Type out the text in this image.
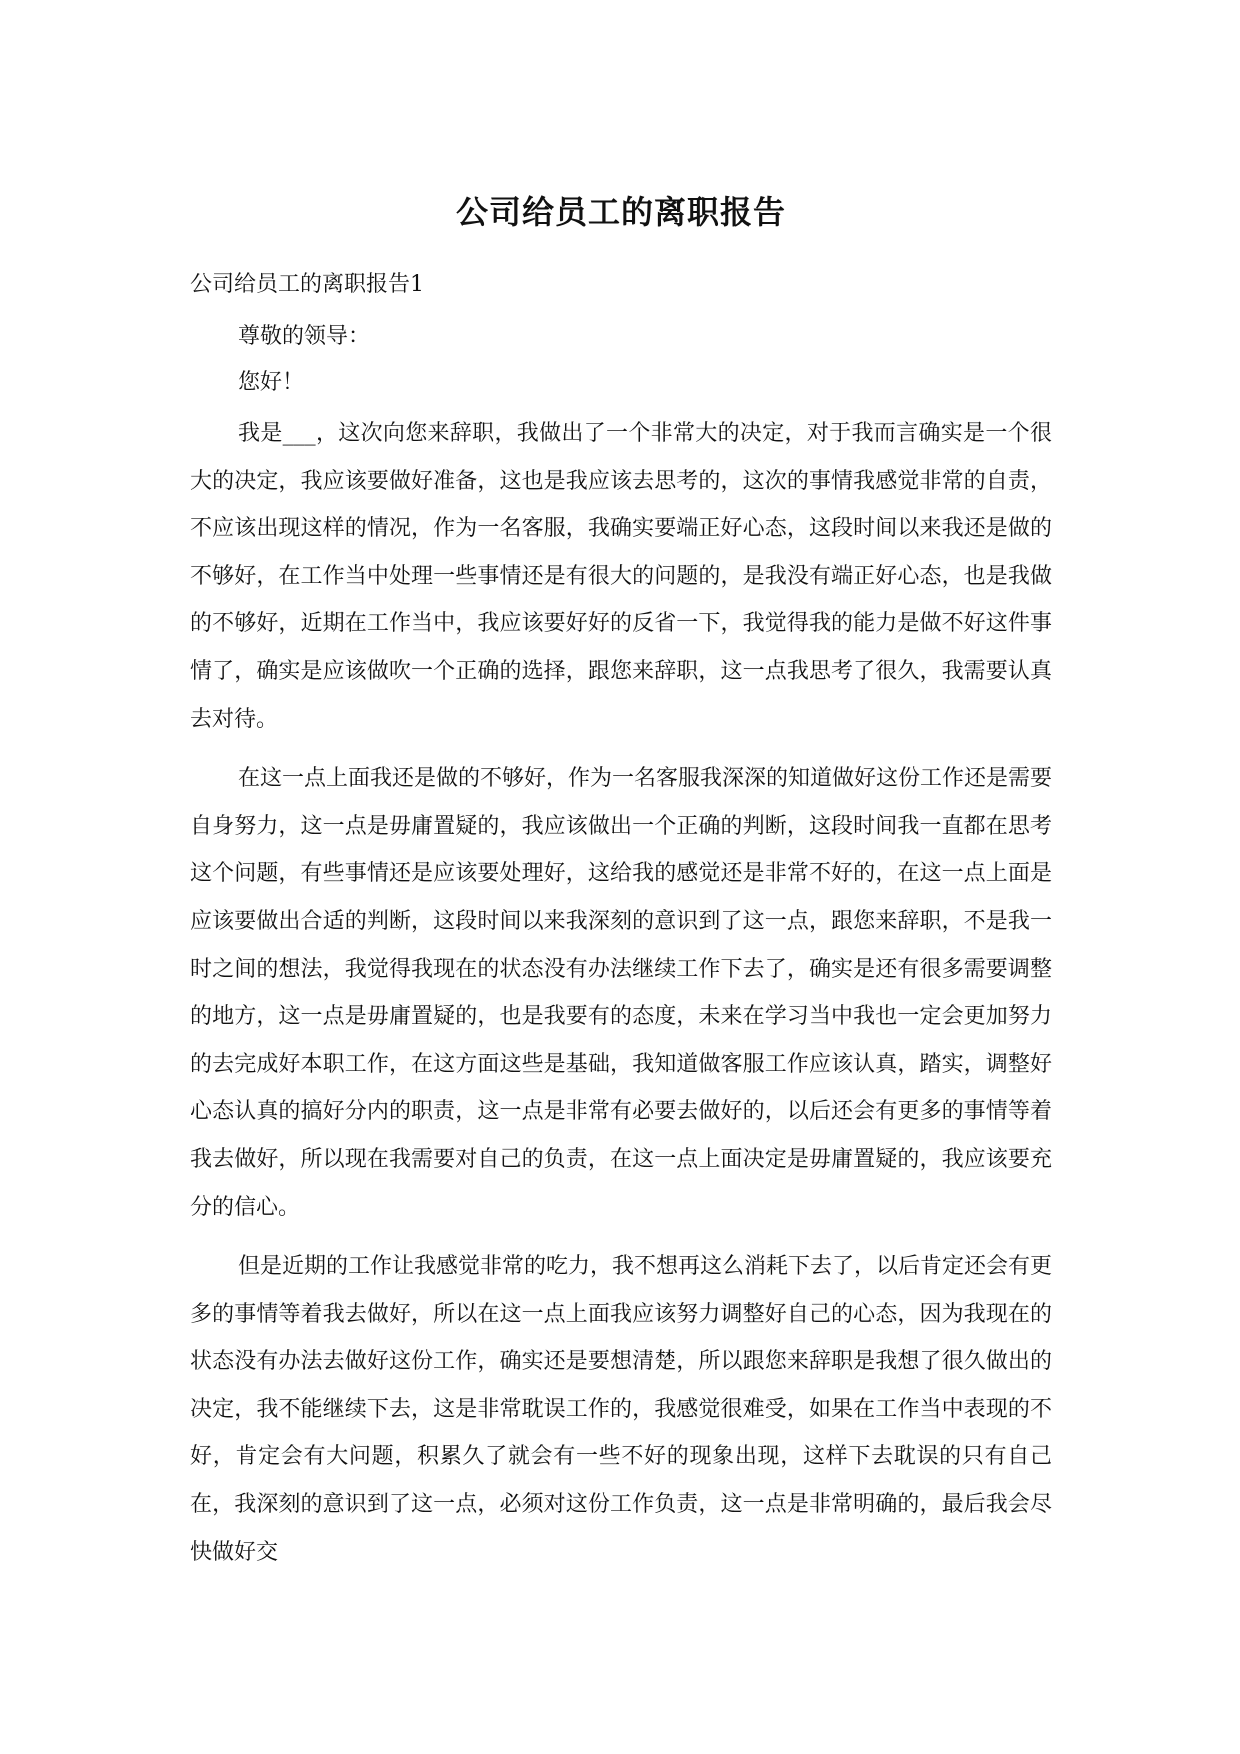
公司给员工的离职报告
公司给员工的离职报告1

尊敬的领导：

您好！

我是___，这次向您来辞职，我做出了一个非常大的决定，对于我而言确实是一个很大的决定，我应该要做好准备，这也是我应该去思考的，这次的事情我感觉非常的自责，不应该出现这样的情况，作为一名客服，我确实要端正好心态，这段时间以来我还是做的不够好，在工作当中处理一些事情还是有很大的问题的，是我没有端正好心态，也是我做的不够好，近期在工作当中，我应该要好好的反省一下，我觉得我的能力是做不好这件事情了，确实是应该做吹一个正确的选择，跟您来辞职，这一点我思考了很久，我需要认真去对待。

在这一点上面我还是做的不够好，作为一名客服我深深的知道做好这份工作还是需要自身努力，这一点是毋庸置疑的，我应该做出一个正确的判断，这段时间我一直都在思考这个问题，有些事情还是应该要处理好，这给我的感觉还是非常不好的，在这一点上面是应该要做出合适的判断，这段时间以来我深刻的意识到了这一点，跟您来辞职，不是我一时之间的想法，我觉得我现在的状态没有办法继续工作下去了，确实是还有很多需要调整的地方，这一点是毋庸置疑的，也是我要有的态度，未来在学习当中我也一定会更加努力的去完成好本职工作，在这方面这些是基础，我知道做客服工作应该认真，踏实，调整好心态认真的搞好分内的职责，这一点是非常有必要去做好的，以后还会有更多的事情等着我去做好，所以现在我需要对自己的负责，在这一点上面决定是毋庸置疑的，我应该要充分的信心。

但是近期的工作让我感觉非常的吃力，我不想再这么消耗下去了，以后肯定还会有更多的事情等着我去做好，所以在这一点上面我应该努力调整好自己的心态，因为我现在的状态没有办法去做好这份工作，确实还是要想清楚，所以跟您来辞职是我想了很久做出的决定，我不能继续下去，这是非常耽误工作的，我感觉很难受，如果在工作当中表现的不好，肯定会有大问题，积累久了就会有一些不好的现象出现，这样下去耽误的只有自己在，我深刻的意识到了这一点，必须对这份工作负责，这一点是非常明确的，最后我会尽快做好交
